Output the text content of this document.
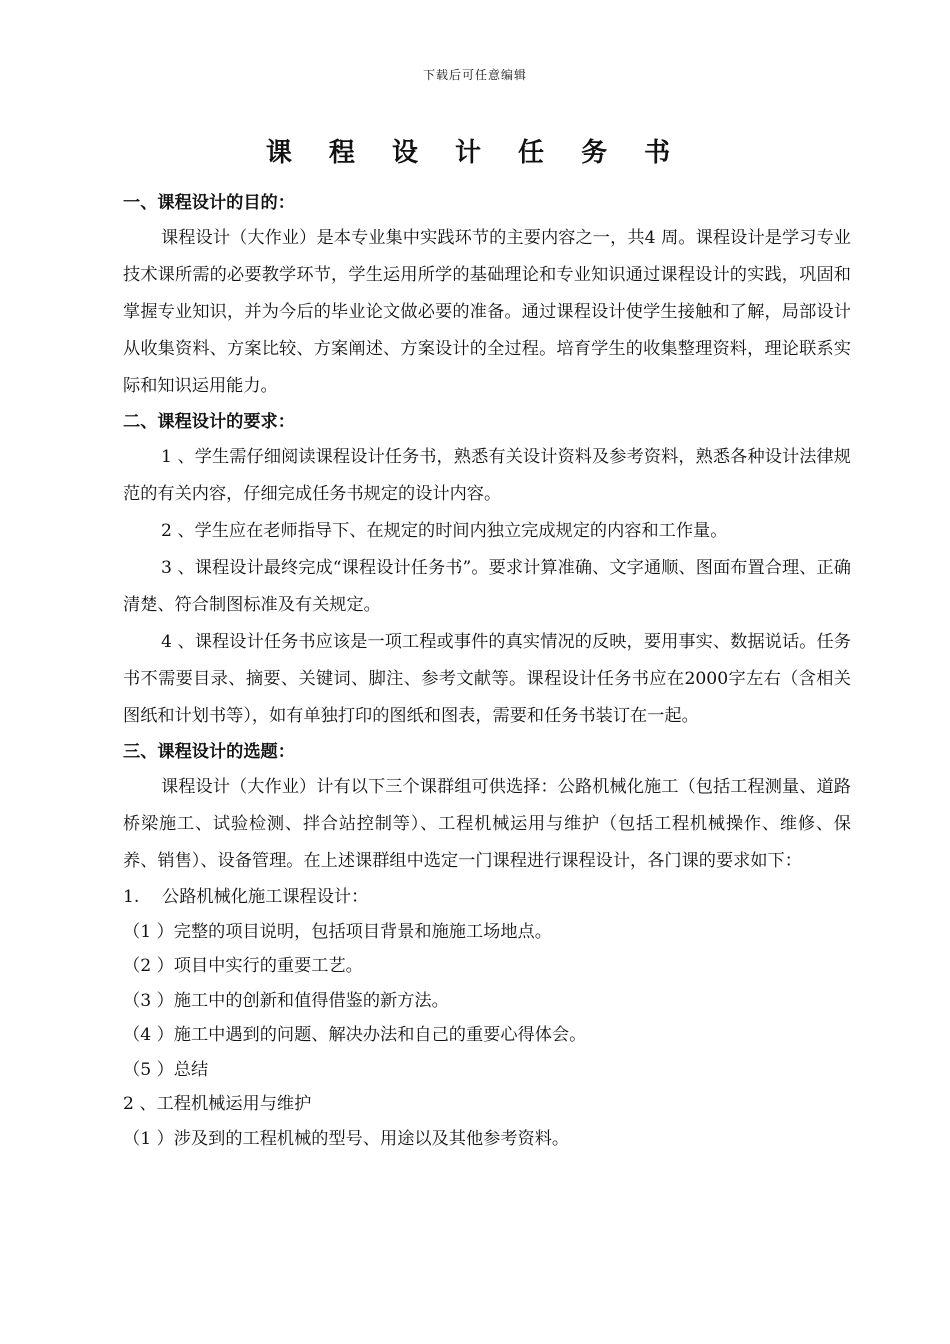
下载后可任意编辑
课 程 设 计 任 务 书
一、课程设计的目的：

课程设计（大作业）是本专业集中实践环节的主要内容之一，共4 周。课程设计是学习专业技术课所需的必要教学环节，学生运用所学的基础理论和专业知识通过课程设计的实践，巩固和掌握专业知识，并为今后的毕业论文做必要的准备。通过课程设计使学生接触和了解，局部设计从收集资料、方案比较、方案阐述、方案设计的全过程。培育学生的收集整理资料，理论联系实际和知识运用能力。

二、课程设计的要求：

1 、学生需仔细阅读课程设计任务书，熟悉有关设计资料及参考资料，熟悉各种设计法律规范的有关内容，仔细完成任务书规定的设计内容。

2 、学生应在老师指导下、在规定的时间内独立完成规定的内容和工作量。

3 、课程设计最终完成“课程设计任务书”。要求计算准确、文字通顺、图面布置合理、正确清楚、符合制图标准及有关规定。

4 、课程设计任务书应该是一项工程或事件的真实情况的反映，要用事实、数据说话。任务书不需要目录、摘要、关键词、脚注、参考文献等。课程设计任务书应在2000字左右（含相关图纸和计划书等），如有单独打印的图纸和图表，需要和任务书装订在一起。

三、课程设计的选题：

课程设计（大作业）计有以下三个课群组可供选择：公路机械化施工（包括工程测量、道路桥梁施工、试验检测、拌合站控制等）、工程机械运用与维护（包括工程机械操作、维修、保养、销售）、设备管理。在上述课群组中选定一门课程进行课程设计，各门课的要求如下：

1.　 公路机械化施工课程设计：

（1 ）完整的项目说明，包括项目背景和施施工场地点。

（2 ）项目中实行的重要工艺。

（3 ）施工中的创新和值得借鉴的新方法。

（4 ）施工中遇到的问题、解决办法和自己的重要心得体会。

（5 ）总结

2 、工程机械运用与维护

（1 ）涉及到的工程机械的型号、用途以及其他参考资料。
